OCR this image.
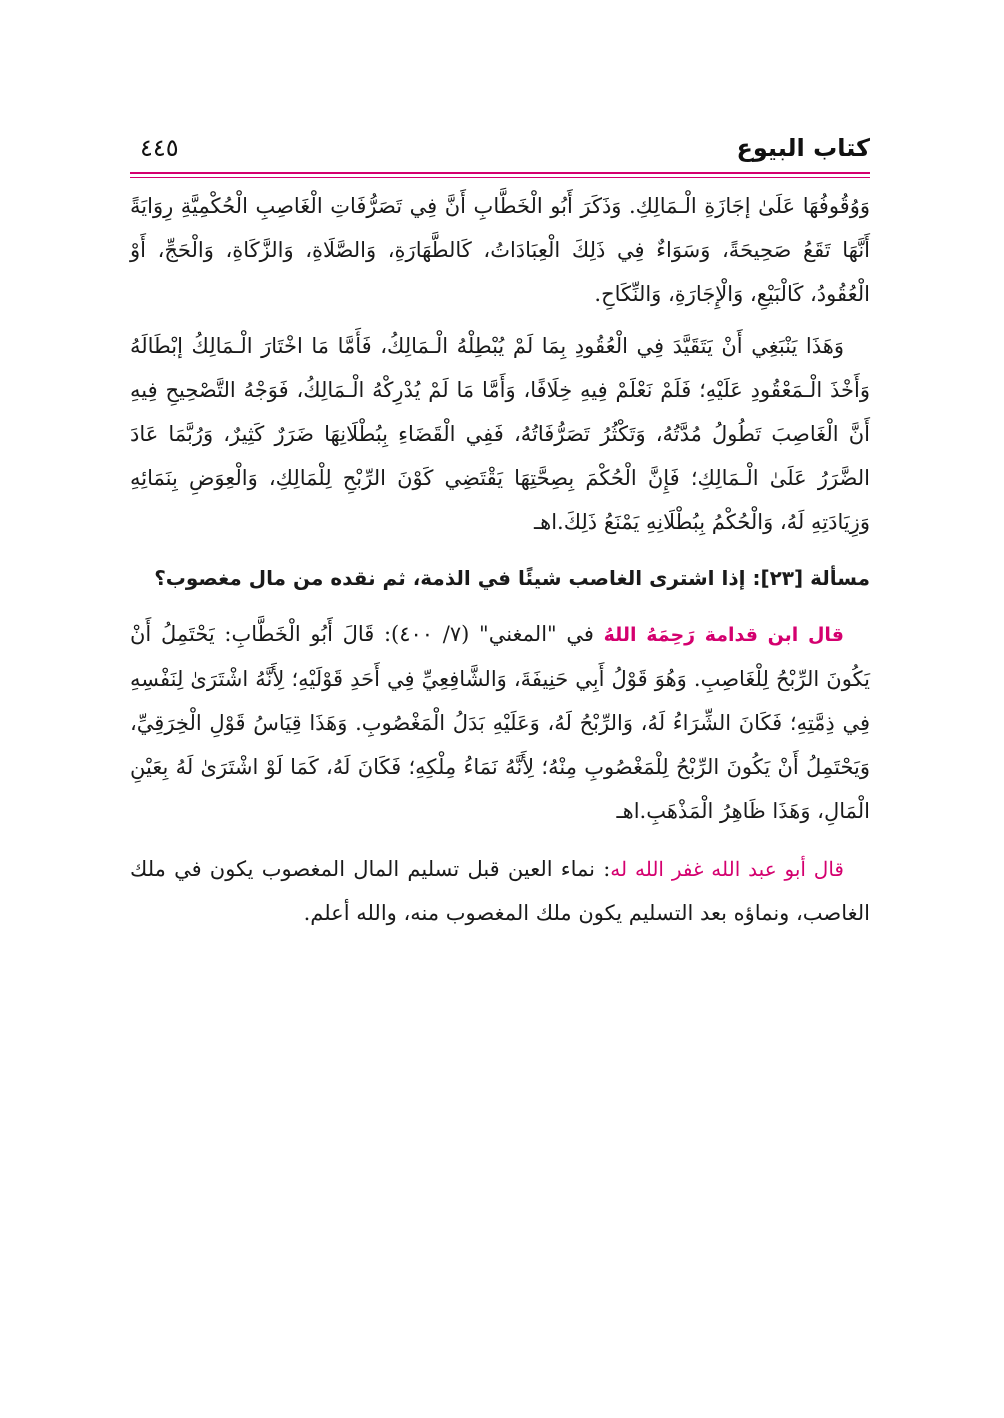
كتاب البيوع
٤٤٥

وَوُقُوفُهَا عَلَىٰ إجَازَةِ الْـمَالِكِ. وَذَكَرَ أَبُو الْخَطَّابِ أَنَّ فِي تَصَرُّفَاتِ الْغَاصِبِ الْحُكْمِيَّةِ رِوَايَةً أَنَّهَا تَقَعُ صَحِيحَةً، وَسَوَاءٌ فِي ذَلِكَ الْعِبَادَاتُ، كَالطَّهَارَةِ، وَالصَّلَاةِ، وَالزَّكَاةِ، وَالْحَجِّ، أَوْ الْعُقُودُ، كَالْبَيْعِ، وَالْإِجَارَةِ، وَالنِّكَاحِ.

وَهَذَا يَنْبَغِي أَنْ يَتَقَيَّدَ فِي الْعُقُودِ بِمَا لَمْ يُبْطِلْهُ الْـمَالِكُ، فَأَمَّا مَا اخْتَارَ الْـمَالِكُ إبْطَالَهُ وَأَخْذَ الْـمَعْقُودِ عَلَيْهِ؛ فَلَمْ نَعْلَمْ فِيهِ خِلَافًا، وَأَمَّا مَا لَمْ يُدْرِكْهُ الْـمَالِكُ، فَوَجْهُ التَّصْحِيحِ فِيهِ أَنَّ الْغَاصِبَ تَطُولُ مُدَّتُهُ، وَتَكْثُرُ تَصَرُّفَاتُهُ، فَفِي الْقَضَاءِ بِبُطْلَانِهَا ضَرَرٌ كَثِيرٌ، وَرُبَّمَا عَادَ الضَّرَرُ عَلَىٰ الْـمَالِكِ؛ فَإِنَّ الْحُكْمَ بِصِحَّتِهَا يَقْتَضِي كَوْنَ الرِّبْحِ لِلْمَالِكِ، وَالْعِوَضِ بِنَمَائِهِ وَزِيَادَتِهِ لَهُ، وَالْحُكْمُ بِبُطْلَانِهِ يَمْنَعُ ذَلِكَ.اهـ

مسألة [٢٣]: إذا اشترى الغاصب شيئًا في الذمة، ثم نقده من مال مغصوب؟

قال ابن قدامة رَحِمَهُ اللهُ في "المغني" (٧/ ٤٠٠): قَالَ أَبُو الْخَطَّابِ: يَحْتَمِلُ أَنْ يَكُونَ الرِّبْحُ لِلْغَاصِبِ. وَهُوَ قَوْلُ أَبِي حَنِيفَةَ، وَالشَّافِعِيِّ فِي أَحَدِ قَوْلَيْهِ؛ لِأَنَّهُ اشْتَرَىٰ لِنَفْسِهِ فِي ذِمَّتِهِ؛ فَكَانَ الشِّرَاءُ لَهُ، وَالرِّبْحُ لَهُ، وَعَلَيْهِ بَدَلُ الْمَغْصُوبِ. وَهَذَا قِيَاسُ قَوْلِ الْخِرَقِيِّ، وَيَحْتَمِلُ أَنْ يَكُونَ الرِّبْحُ لِلْمَغْصُوبِ مِنْهُ؛ لِأَنَّهُ نَمَاءُ مِلْكِهِ؛ فَكَانَ لَهُ، كَمَا لَوْ اشْتَرَىٰ لَهُ بِعَيْنِ الْمَالِ، وَهَذَا ظَاهِرُ الْمَذْهَبِ.اهـ

قال أبو عبد الله غفر الله له: نماء العين قبل تسليم المال المغصوب يكون في ملك الغاصب، ونماؤه بعد التسليم يكون ملك المغصوب منه، والله أعلم.
